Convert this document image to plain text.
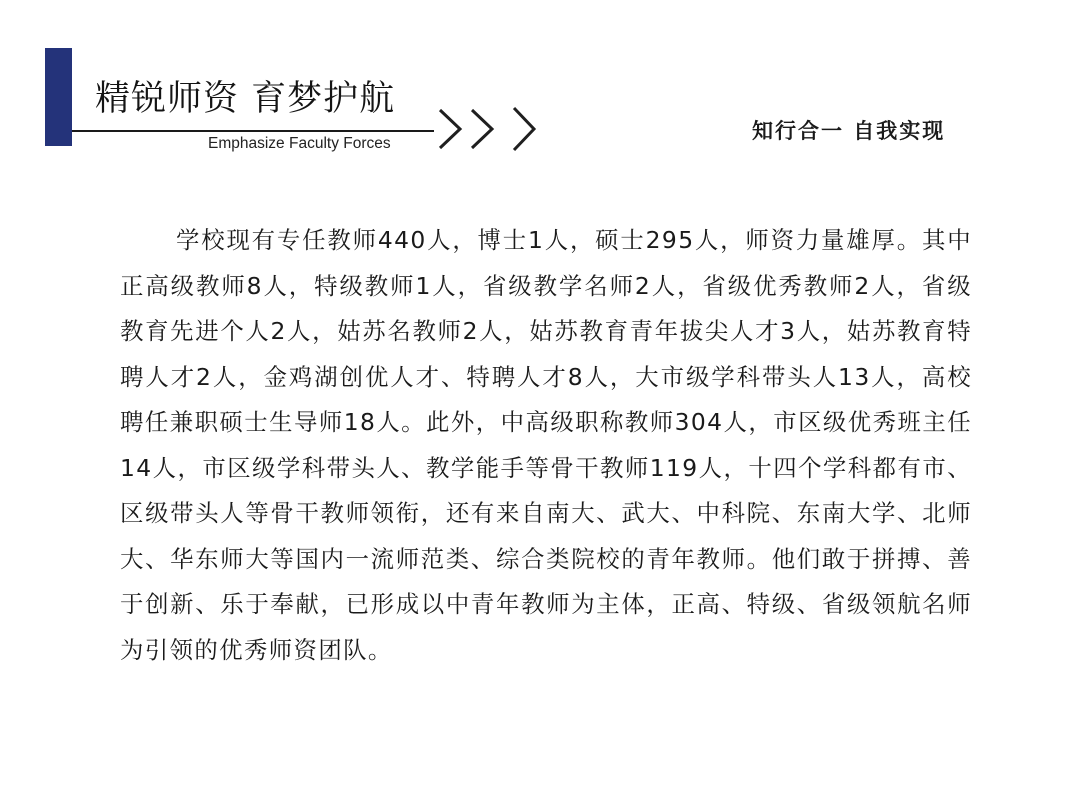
精锐师资 育梦护航
Emphasize Faculty Forces
知行合一 自我实现

学校现有专任教师440人，博士1人，硕士295人，师资力量雄厚。其中正高级教师8人，特级教师1人，省级教学名师2人，省级优秀教师2人，省级教育先进个人2人，姑苏名教师2人，姑苏教育青年拔尖人才3人，姑苏教育特聘人才2人，金鸡湖创优人才、特聘人才8人，大市级学科带头人13人，高校聘任兼职硕士生导师18人。此外，中高级职称教师304人，市区级优秀班主任14人，市区级学科带头人、教学能手等骨干教师119人，十四个学科都有市、区级带头人等骨干教师领衔，还有来自南大、武大、中科院、东南大学、北师大、华东师大等国内一流师范类、综合类院校的青年教师。他们敢于拼搏、善于创新、乐于奉献，已形成以中青年教师为主体，正高、特级、省级领航名师为引领的优秀师资团队。
